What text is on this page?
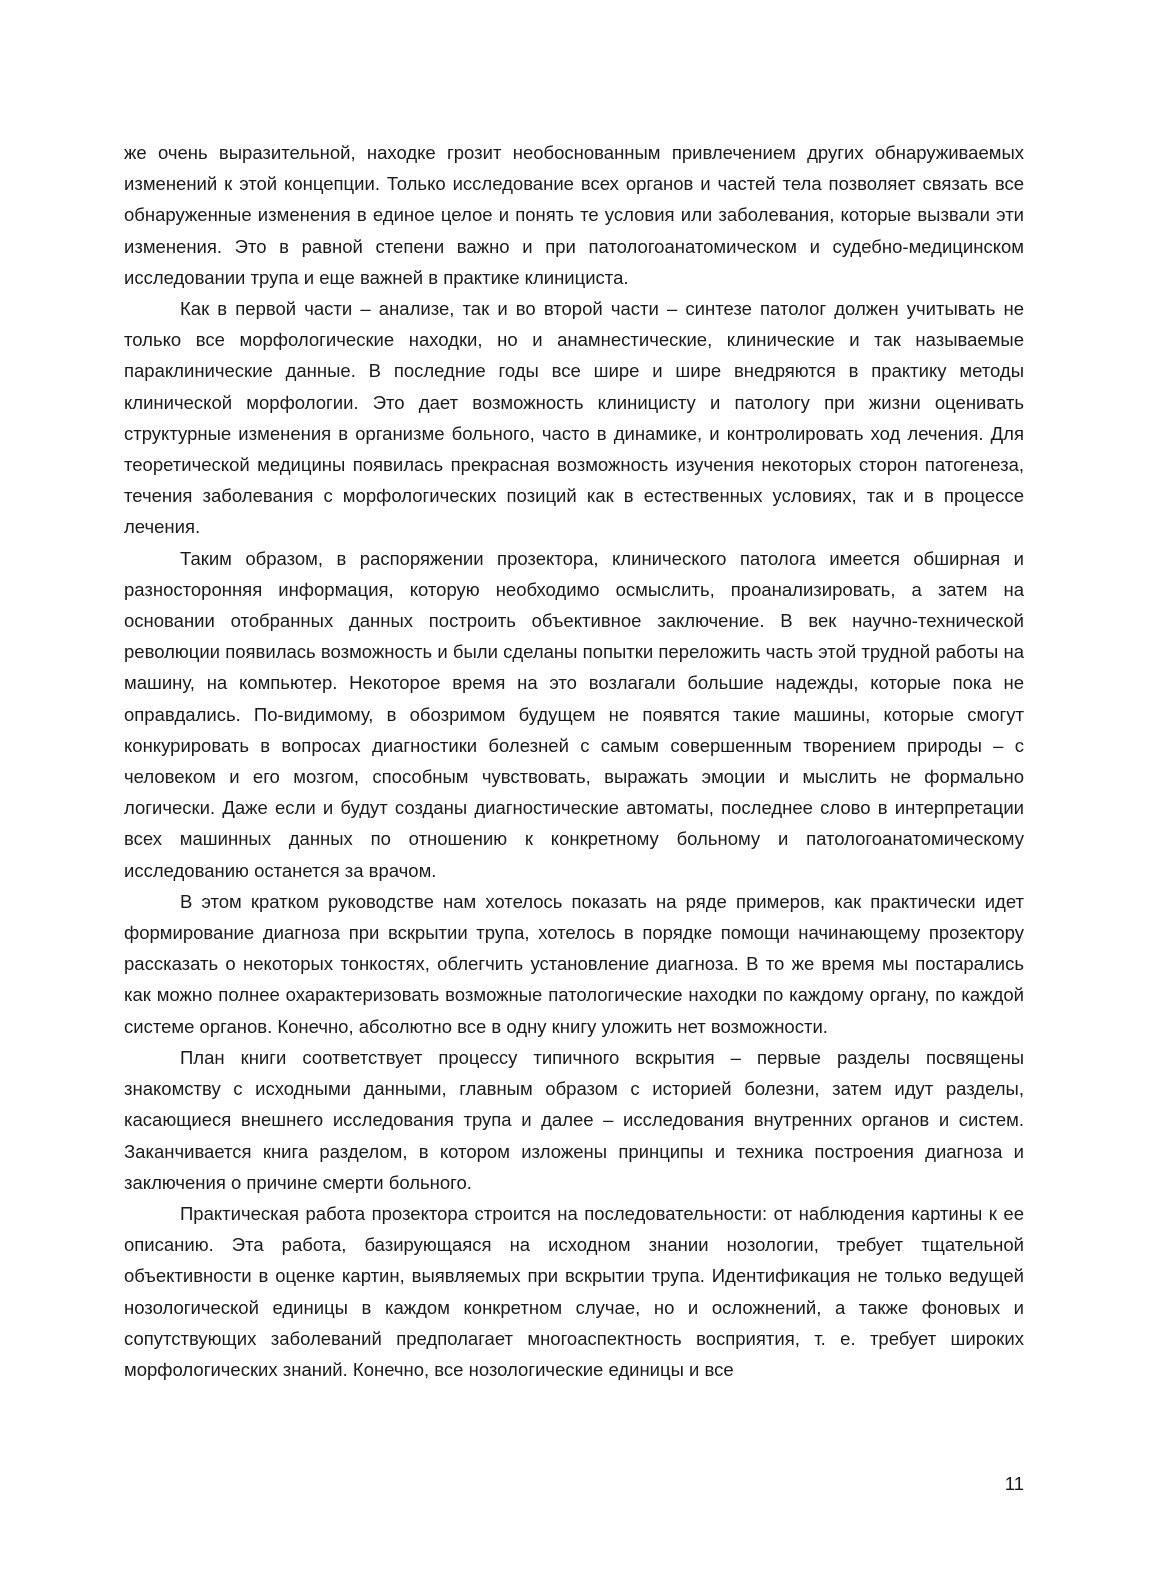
же очень выразительной, находке грозит необоснованным привлечением других обнаруживаемых изменений к этой концепции. Только исследование всех органов и частей тела позволяет связать все обнаруженные изменения в единое целое и понять те условия или заболевания, которые вызвали эти изменения. Это в равной степени важно и при патологоанатомическом и судебно-медицинском исследовании трупа и еще важней в практике клинициста.

Как в первой части – анализе, так и во второй части – синтезе патолог должен учитывать не только все морфологические находки, но и анамнестические, клинические и так называемые параклинические данные. В последние годы все шире и шире внедряются в практику методы клинической морфологии. Это дает возможность клиницисту и патологу при жизни оценивать структурные изменения в организме больного, часто в динамике, и контролировать ход лечения. Для теоретической медицины появилась прекрасная возможность изучения некоторых сторон патогенеза, течения заболевания с морфологических позиций как в естественных условиях, так и в процессе лечения.

Таким образом, в распоряжении прозектора, клинического патолога имеется обширная и разносторонняя информация, которую необходимо осмыслить, проанализировать, а затем на основании отобранных данных построить объективное заключение. В век научно-технической революции появилась возможность и были сделаны попытки переложить часть этой трудной работы на машину, на компьютер. Некоторое время на это возлагали большие надежды, которые пока не оправдались. По-видимому, в обозримом будущем не появятся такие машины, которые смогут конкурировать в вопросах диагностики болезней с самым совершенным творением природы – с человеком и его мозгом, способным чувствовать, выражать эмоции и мыслить не формально логически. Даже если и будут созданы диагностические автоматы, последнее слово в интерпретации всех машинных данных по отношению к конкретному больному и патологоанатомическому исследованию останется за врачом.

В этом кратком руководстве нам хотелось показать на ряде примеров, как практически идет формирование диагноза при вскрытии трупа, хотелось в порядке помощи начинающему прозектору рассказать о некоторых тонкостях, облегчить установление диагноза. В то же время мы постарались как можно полнее охарактеризовать возможные патологические находки по каждому органу, по каждой системе органов. Конечно, абсолютно все в одну книгу уложить нет возможности.

План книги соответствует процессу типичного вскрытия – первые разделы посвящены знакомству с исходными данными, главным образом с историей болезни, затем идут разделы, касающиеся внешнего исследования трупа и далее – исследования внутренних органов и систем. Заканчивается книга разделом, в котором изложены принципы и техника построения диагноза и заключения о причине смерти больного.

Практическая работа прозектора строится на последовательности: от наблюдения картины к ее описанию. Эта работа, базирующаяся на исходном знании нозологии, требует тщательной объективности в оценке картин, выявляемых при вскрытии трупа. Идентификация не только ведущей нозологической единицы в каждом конкретном случае, но и осложнений, а также фоновых и сопутствующих заболеваний предполагает многоаспектность восприятия, т. е. требует широких морфологических знаний. Конечно, все нозологические единицы и все

11
